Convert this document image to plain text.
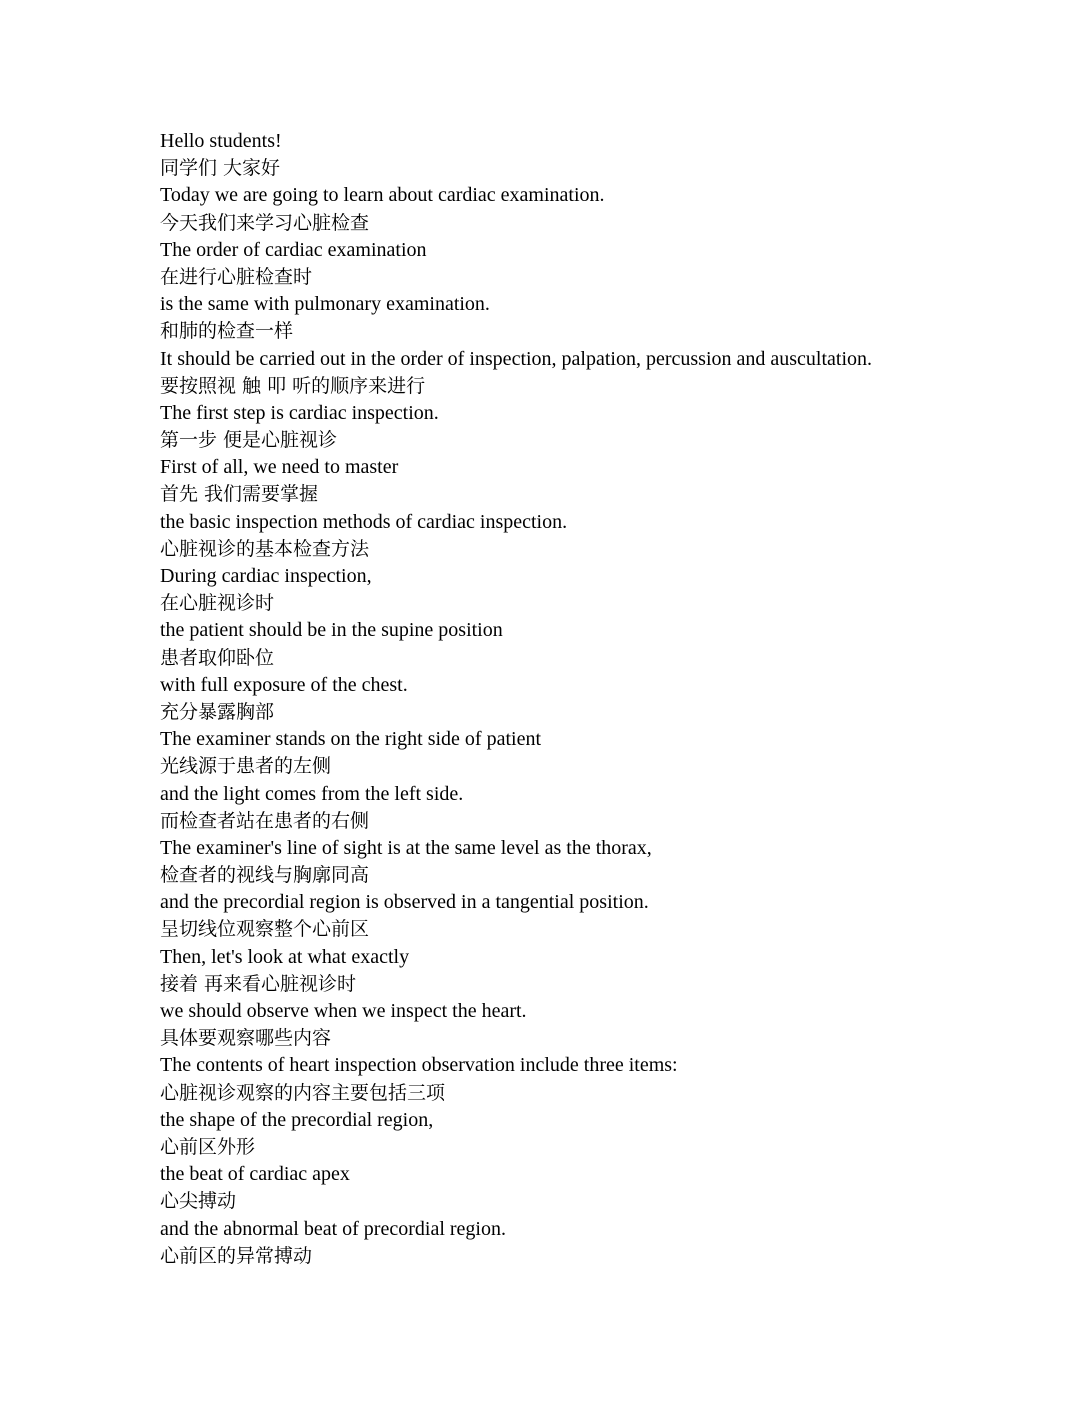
Hello students!
同学们 大家好
Today we are going to learn about cardiac examination.
今天我们来学习心脏检查
The order of cardiac examination
在进行心脏检查时
is the same with pulmonary examination.
和肺的检查一样
It should be carried out in the order of inspection, palpation, percussion and auscultation.
要按照视 触 叩 听的顺序来进行
The first step is cardiac inspection.
第一步 便是心脏视诊
First of all, we need to master
首先 我们需要掌握
the basic inspection methods of cardiac inspection.
心脏视诊的基本检查方法
During cardiac inspection,
在心脏视诊时
the patient should be in the supine position
患者取仰卧位
with full exposure of the chest.
充分暴露胸部
The examiner stands on the right side of patient
光线源于患者的左侧
and the light comes from the left side.
而检查者站在患者的右侧
The examiner's line of sight is at the same level as the thorax,
检查者的视线与胸廓同高
and the precordial region is observed in a tangential position.
呈切线位观察整个心前区
Then, let's look at what exactly
接着 再来看心脏视诊时
we should observe when we inspect the heart.
具体要观察哪些内容
The contents of heart inspection observation include three items:
心脏视诊观察的内容主要包括三项
the shape of the precordial region,
心前区外形
the beat of cardiac apex
心尖搏动
and the abnormal beat of precordial region.
心前区的异常搏动
